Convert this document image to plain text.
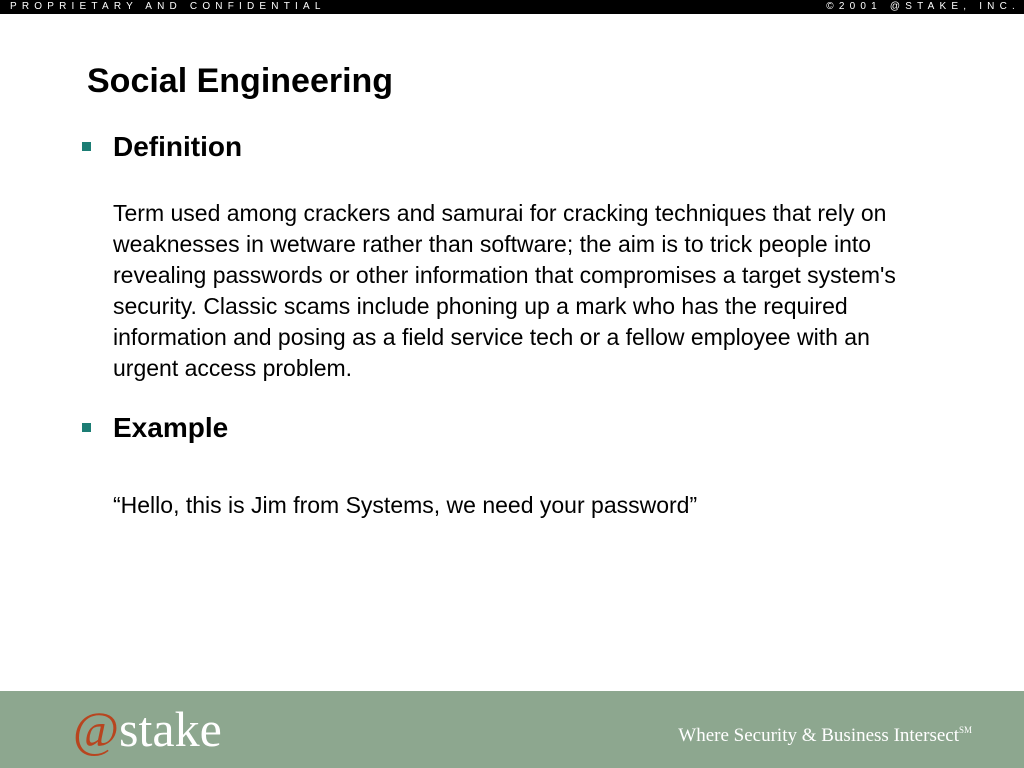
PROPRIETARY AND CONFIDENTIAL	©2001 @STAKE, INC.
Social Engineering
Definition
Term used among crackers and samurai for cracking techniques that rely on weaknesses in wetware rather than software; the aim is to trick people into revealing passwords or other information that compromises a target system's security. Classic scams include phoning up a mark who has the required information and posing as a field service tech or a fellow employee with an urgent access problem.
Example
“Hello, this is Jim from Systems, we need your password”
@stake	Where Security & Business Intersect℠
